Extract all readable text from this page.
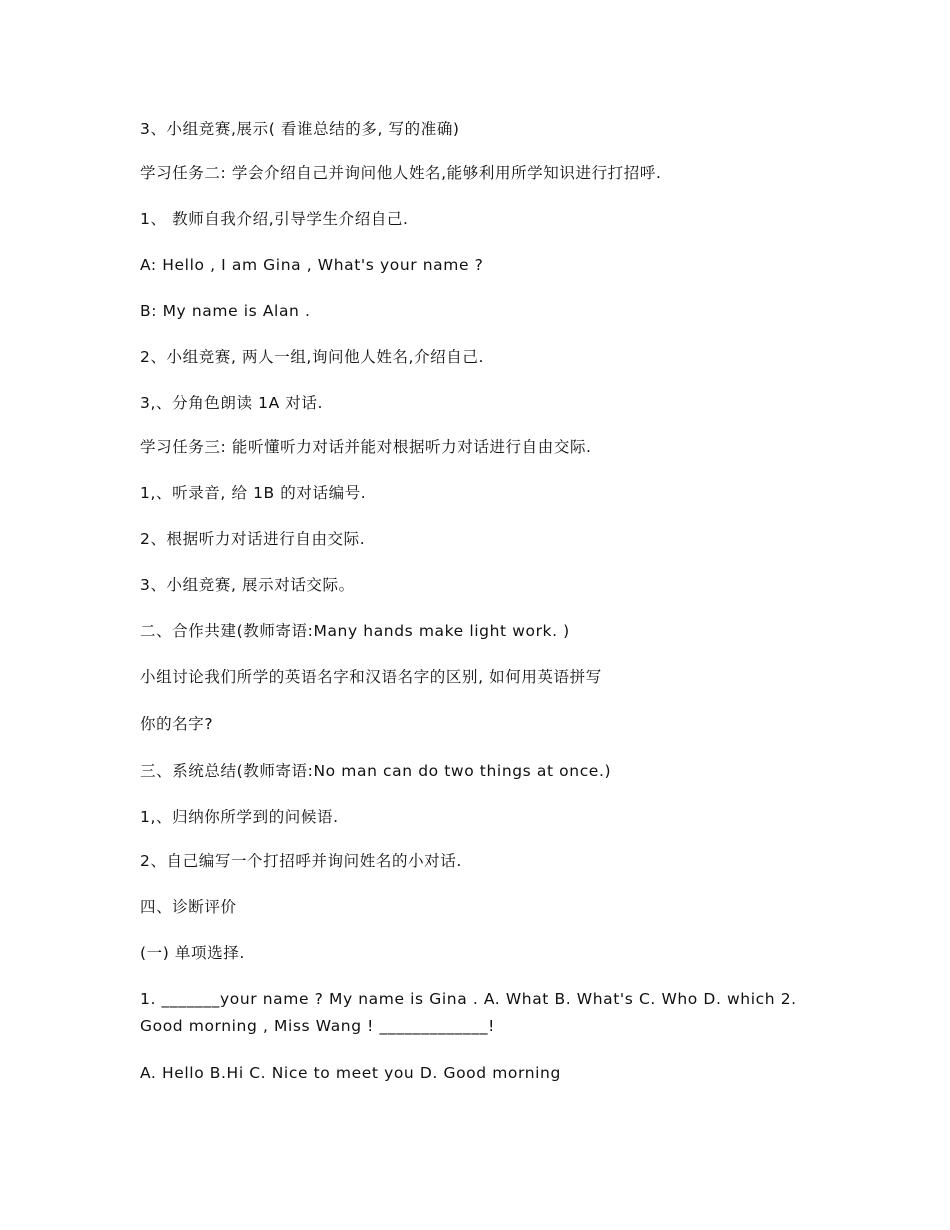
3、小组竞赛,展示( 看谁总结的多, 写的准确)
学习任务二: 学会介绍自己并询问他人姓名,能够利用所学知识进行打招呼.
1、 教师自我介绍,引导学生介绍自己.
A: Hello , I am Gina , What's your name ?
B: My name is Alan .
2、小组竞赛, 两人一组,询问他人姓名,介绍自己.
3,、分角色朗读 1A 对话.
学习任务三: 能听懂听力对话并能对根据听力对话进行自由交际.
1,、听录音, 给 1B 的对话编号.
2、根据听力对话进行自由交际.
3、小组竞赛, 展示对话交际。
二、合作共建(教师寄语:Many hands make light work. )
小组讨论我们所学的英语名字和汉语名字的区别, 如何用英语拼写
你的名字?
三、系统总结(教师寄语:No man can do two things at once.)
1,、归纳你所学到的问候语.
2、自己编写一个打招呼并询问姓名的小对话.
四、诊断评价
(一) 单项选择.
1. _______your name ? My name is Gina . A. What B. What's C. Who D. which 2. Good morning , Miss Wang ! _____________!
A. Hello B.Hi C. Nice to meet you D. Good morning
